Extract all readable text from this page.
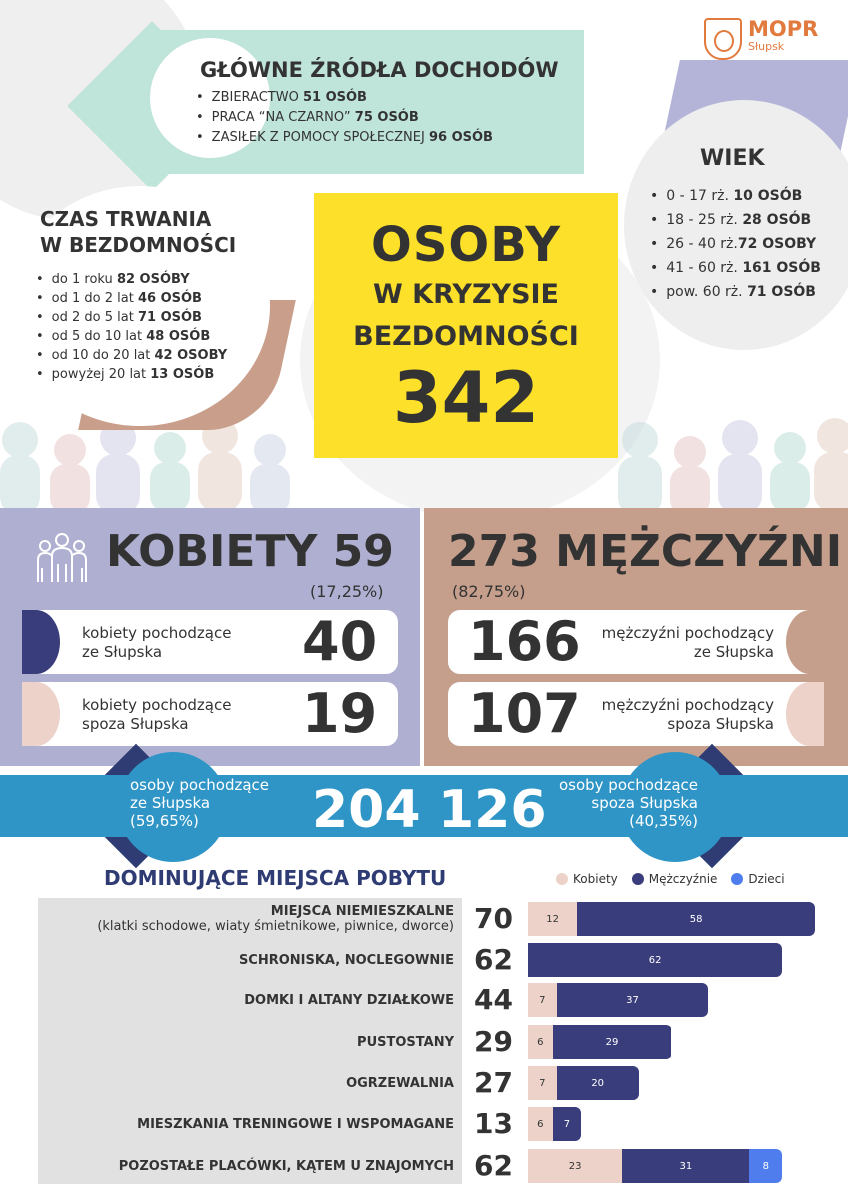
GŁÓWNE ŹRÓDŁA DOCHODÓW
• ZBIERACTWO 51 OSÓB
• PRACA “NA CZARNO” 75 OSÓB
• ZASIŁEK Z POMOCY SPOŁECZNEJ 96 OSÓB
MOPR
Słupsk
WIEK
• 0 - 17 rż. 10 OSÓB
• 18 - 25 rż. 28 OSÓB
• 26 - 40 rż.72 OSOBY
• 41 - 60 rż. 161 OSÓB
• pow. 60 rż. 71 OSÓB
CZAS TRWANIA
W BEZDOMNOŚCI
• do 1 roku 82 OSÓBY
• od 1 do 2 lat 46 OSÓB
• od 2 do 5 lat 71 OSÓB
• od 5 do 10 lat 48 OSÓB
• od 10 do 20 lat 42 OSOBY
• powyżej 20 lat 13 OSÓB
OSOBY
W KRYZYSIE
BEZDOMNOŚCI
342
KOBIETY 59
(17,25%)
273 MĘŻCZYŹNI
(82,75%)
kobiety pochodzące
ze Słupska	40
kobiety pochodzące
spoza Słupska	19
166	mężczyźni pochodzący
ze Słupska
107	mężczyźni pochodzący
spoza Słupska
osoby pochodzące
ze Słupska
(59,65%)	204 126 osoby pochodzące
spoza Słupska
(40,35%)
DOMINUJĄCE MIEJSCA POBYTU	Kobiety	Mężczyźnie	Dzieci
MIEJSCA NIEMIESZKALNE
(klatki schodowe, wiaty śmietnikowe, piwnice, dworce) 70	12	58
SCHRONISKA, NOCLEGOWNIE 62	62
DOMKI I ALTANY DZIAŁKOWE 44	7	37
PUSTOSTANY 29	6	29
OGRZEWALNIA 27	7	20
MIESZKANIA TRENINGOWE I WSPOMAGANE 13	6	7
POZOSTAŁE PLACÓWKI, KĄTEM U ZNAJOMYCH 62	23	31	8
